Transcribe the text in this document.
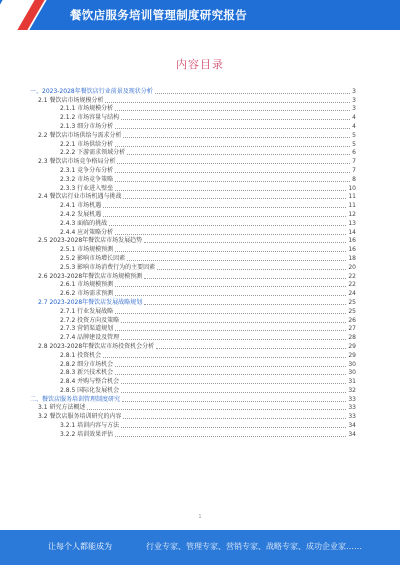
餐饮店服务培训管理制度研究报告
内容目录
一、2023-2028年餐饮店行业前景及现状分析	3
2.1 餐饮店市场规模分析	3
2.1.1 市场规模分析	3
2.1.2 市场容量与结构	4
2.1.3 细分市场分析	4
2.2 餐饮店市场供给与需求分析	5
2.2.1 市场供给分析	5
2.2.2 下游需求领域分析	6
2.3 餐饮店市场竞争格局分析	7
2.3.1 竞争分布分析	7
2.3.2 市场竞争策略	8
2.3.3 行业进入壁垒	10
2.4 餐饮店行业市场机遇与挑战	11
2.4.1 市场机遇	11
2.4.2 发展机遇	12
2.4.3 面临的挑战	13
2.4.4 应对策略分析	14
2.5 2023-2028年餐饮店市场发展趋势	16
2.5.1 市场规模预测	16
2.5.2 影响市场增长因素	18
2.5.3 影响市场消费行为的主要因素	20
2.6 2023-2028年餐饮店市场规模预测	22
2.6.1 市场规模预测	22
2.6.2 市场需求预测	24
2.7 2023-2028年餐饮店发展战略规划	25
2.7.1 行业发展战略	25
2.7.2 投资方向及策略	26
2.7.3 营销渠道规划	27
2.7.4 品牌建设及管理	28
2.8 2023-2028年餐饮店市场投资机会分析	29
2.8.1 投资机会	29
2.8.2 细分市场机会	30
2.8.3 新兴技术机会	30
2.8.4 并购与整合机会	31
2.8.5 国际化发展机会	32
二、餐饮店服务培训管理制度研究	33
3.1 研究方法概述	33
3.2 餐饮店服务培训研究的内容	33
3.2.1 培训内容与方法	34
3.2.2 培训效果评估	34
1
让每个人都能成为	行业专家、管理专家、营销专家、战略专家、成功企业家……
